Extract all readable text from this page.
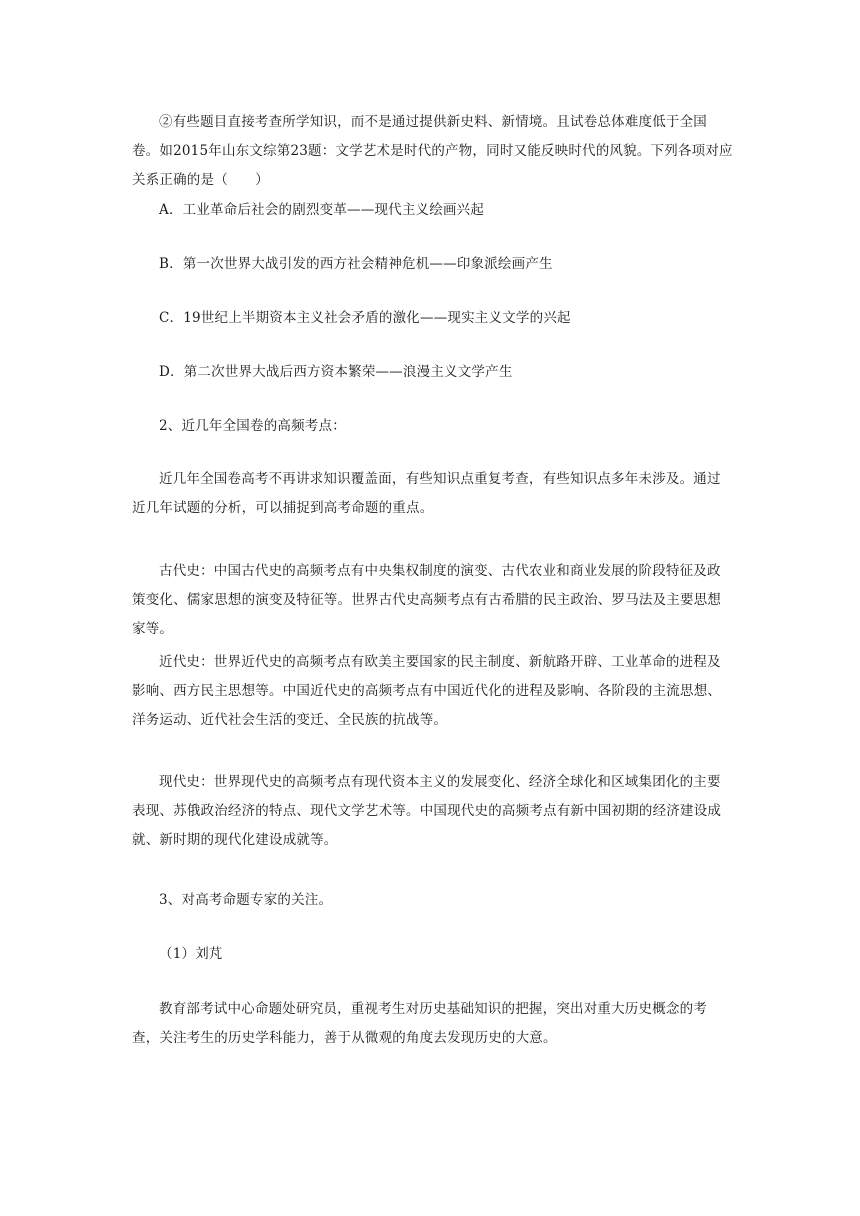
②有些题目直接考查所学知识，而不是通过提供新史料、新情境。且试卷总体难度低于全国卷。如2015年山东文综第23题：文学艺术是时代的产物，同时又能反映时代的风貌。下列各项对应关系正确的是（　　）

A．工业革命后社会的剧烈变革——现代主义绘画兴起

B．第一次世界大战引发的西方社会精神危机——印象派绘画产生

C．19世纪上半期资本主义社会矛盾的激化——现实主义文学的兴起

D．第二次世界大战后西方资本繁荣——浪漫主义文学产生

2、近几年全国卷的高频考点：

近几年全国卷高考不再讲求知识覆盖面，有些知识点重复考查，有些知识点多年未涉及。通过近几年试题的分析，可以捕捉到高考命题的重点。

古代史：中国古代史的高频考点有中央集权制度的演变、古代农业和商业发展的阶段特征及政策变化、儒家思想的演变及特征等。世界古代史高频考点有古希腊的民主政治、罗马法及主要思想家等。

近代史：世界近代史的高频考点有欧美主要国家的民主制度、新航路开辟、工业革命的进程及影响、西方民主思想等。中国近代史的高频考点有中国近代化的进程及影响、各阶段的主流思想、洋务运动、近代社会生活的变迁、全民族的抗战等。

现代史：世界现代史的高频考点有现代资本主义的发展变化、经济全球化和区域集团化的主要表现、苏俄政治经济的特点、现代文学艺术等。中国现代史的高频考点有新中国初期的经济建设成就、新时期的现代化建设成就等。

3、对高考命题专家的关注。

（1）刘芃

教育部考试中心命题处研究员，重视考生对历史基础知识的把握，突出对重大历史概念的考查，关注考生的历史学科能力，善于从微观的角度去发现历史的大意。
